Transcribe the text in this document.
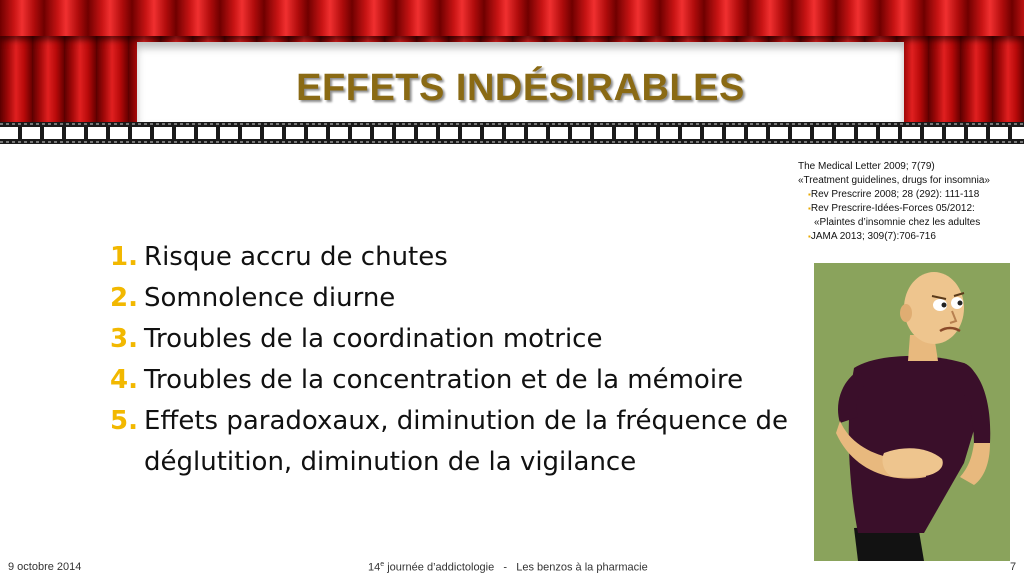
EFFETS INDÉSIRABLES
The Medical Letter 2009; 7(79)
«Treatment guidelines, drugs for insomnia»
▪Rev Prescrire 2008; 28 (292): 111-118
▪Rev Prescrire-Idées-Forces 05/2012:
«Plaintes d’insomnie chez les adultes
▪JAMA 2013; 309(7):706-716
1. Risque accru de chutes
2. Somnolence diurne
3. Troubles de la coordination motrice
4. Troubles de la concentration et de la mémoire
5. Effets paradoxaux, diminution de la fréquence de déglutition, diminution de la vigilance
9 octobre 2014	14e journée d’addictologie   -   Les benzos à la pharmacie	7
